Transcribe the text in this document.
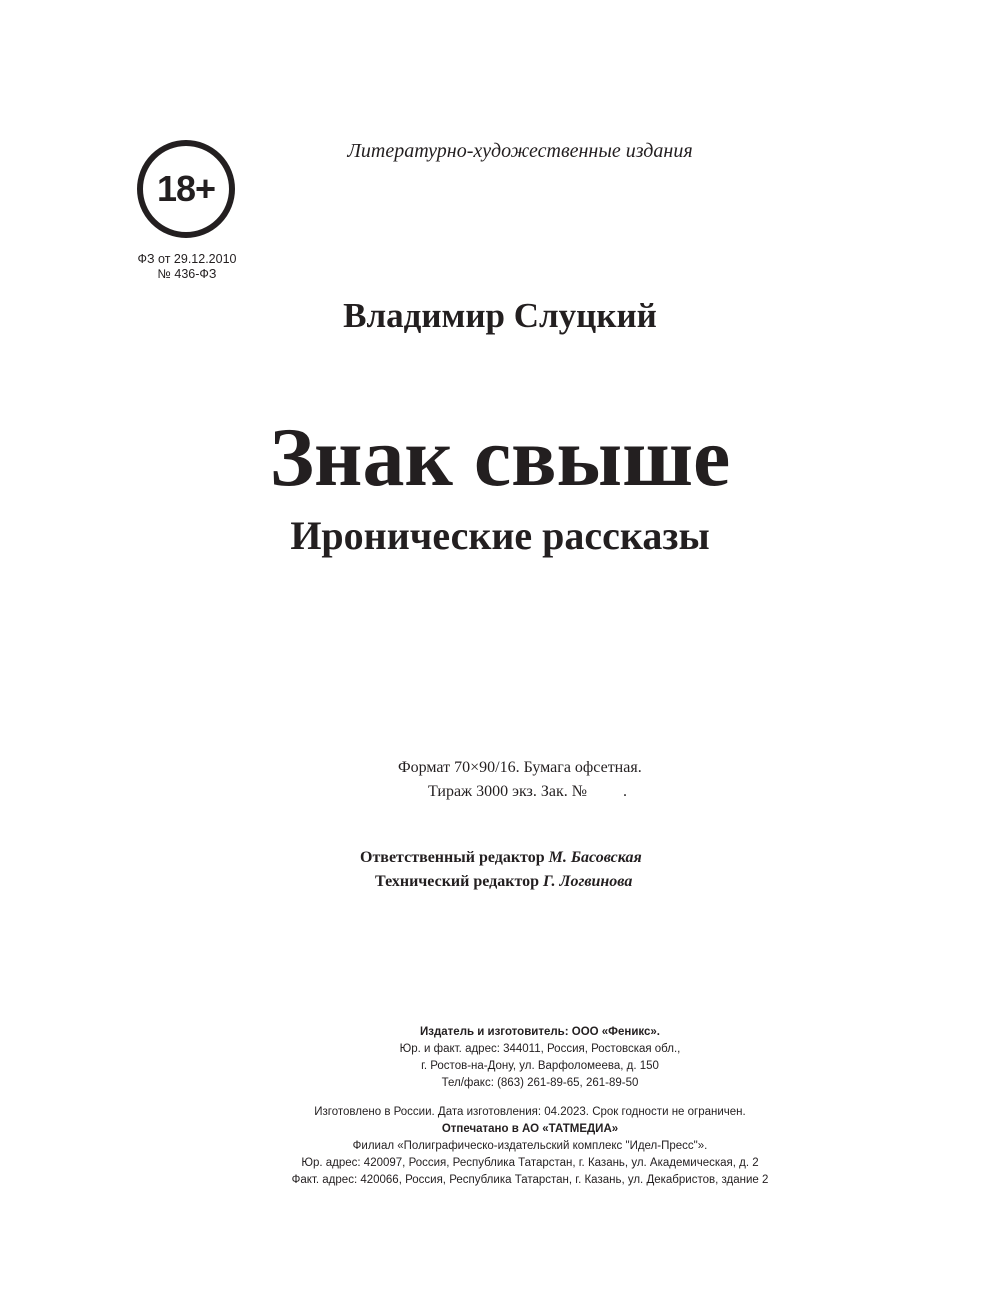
18+
ФЗ от 29.12.2010
№ 436-ФЗ
Литературно-художественные издания
Владимир Слуцкий
Знак свыше
Иронические рассказы
Формат 70×90/16. Бумага офсетная.
Тираж 3000 экз. Зак. № .
Ответственный редактор М. Басовская
Технический редактор Г. Логвинова
Издатель и изготовитель: ООО «Феникс».
Юр. и факт. адрес: 344011, Россия, Ростовская обл.,
г. Ростов-на-Дону, ул. Варфоломеева, д. 150
Тел/факс: (863) 261-89-65, 261-89-50
Изготовлено в России. Дата изготовления: 04.2023. Срок годности не ограничен.
Отпечатано в АО «ТАТМЕДИА»
Филиал «Полиграфическо-издательский комплекс "Идел-Пресс"».
Юр. адрес: 420097, Россия, Республика Татарстан, г. Казань, ул. Академическая, д. 2
Факт. адрес: 420066, Россия, Республика Татарстан, г. Казань, ул. Декабристов, здание 2
